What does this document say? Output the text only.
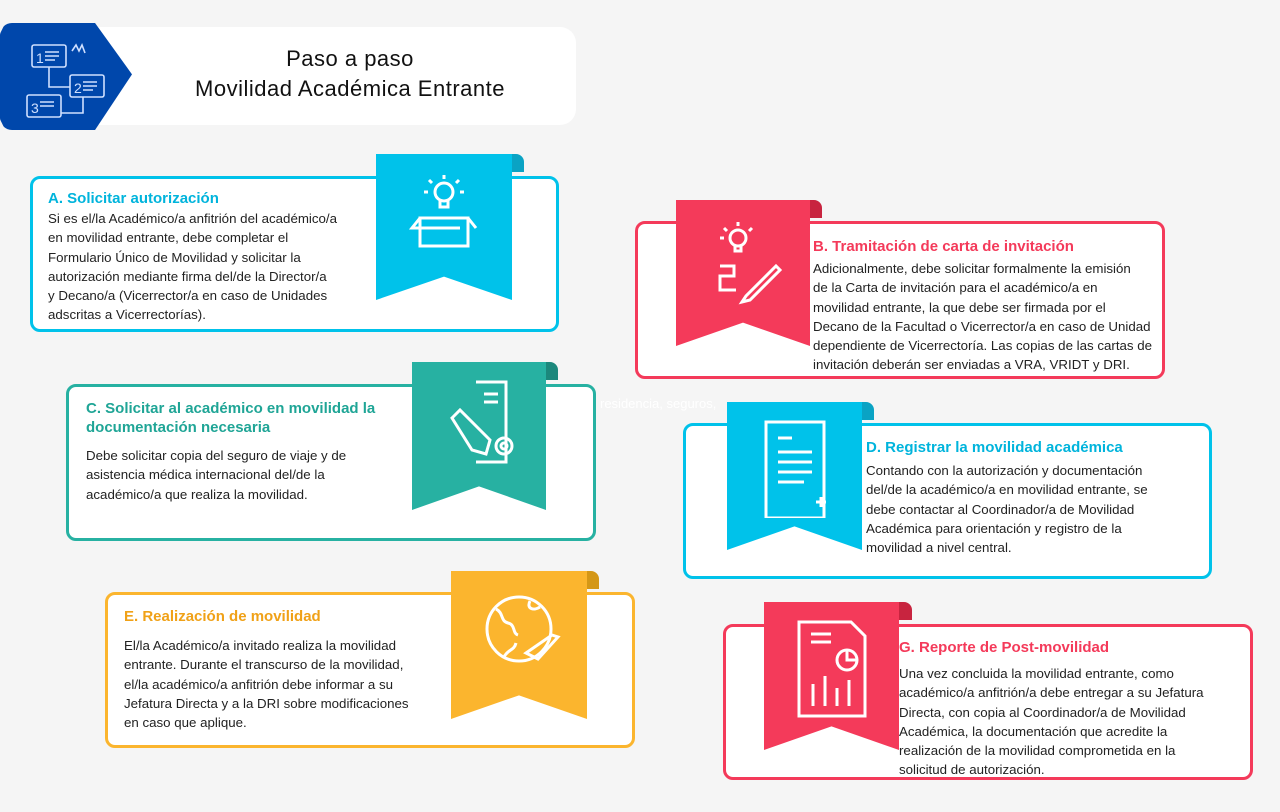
1
2
3
Paso a paso
Movilidad Académica Entrante
residencia, seguros,
A. Solicitar autorización
Si es el/la Académico/a anfitrión del académico/a
en movilidad entrante, debe completar el
Formulario Único de Movilidad y solicitar la
autorización mediante firma del/de la Director/a
y Decano/a (Vicerrector/a en caso de Unidades
adscritas a Vicerrectorías).
B. Tramitación de carta de invitación
Adicionalmente, debe solicitar formalmente la emisión
de la Carta de invitación para el académico/a en
movilidad entrante, la que debe ser firmada por el
Decano de la Facultad o Vicerrector/a en caso de Unidad
dependiente de Vicerrectoría. Las copias de las cartas de
invitación deberán ser enviadas a VRA, VRIDT y DRI.
C. Solicitar al académico en movilidad la
documentación necesaria
Debe solicitar copia del seguro de viaje y de
asistencia médica internacional del/de la
académico/a que realiza la movilidad.
D. Registrar la movilidad académica
Contando con la autorización y documentación
del/de la académico/a en movilidad entrante, se
debe contactar al Coordinador/a de Movilidad
Académica para orientación y registro de la
movilidad a nivel central.
E. Realización de movilidad
El/la Académico/a invitado realiza la movilidad
entrante. Durante el transcurso de la movilidad,
el/la académico/a anfitrión debe informar a su
Jefatura Directa y a la DRI sobre modificaciones
en caso que aplique.
G. Reporte de Post-movilidad
Una vez concluida la movilidad entrante, como
académico/a anfitrión/a debe entregar a su Jefatura
Directa, con copia al Coordinador/a de Movilidad
Académica, la documentación que acredite la
realización de la movilidad comprometida en la
solicitud de autorización.
